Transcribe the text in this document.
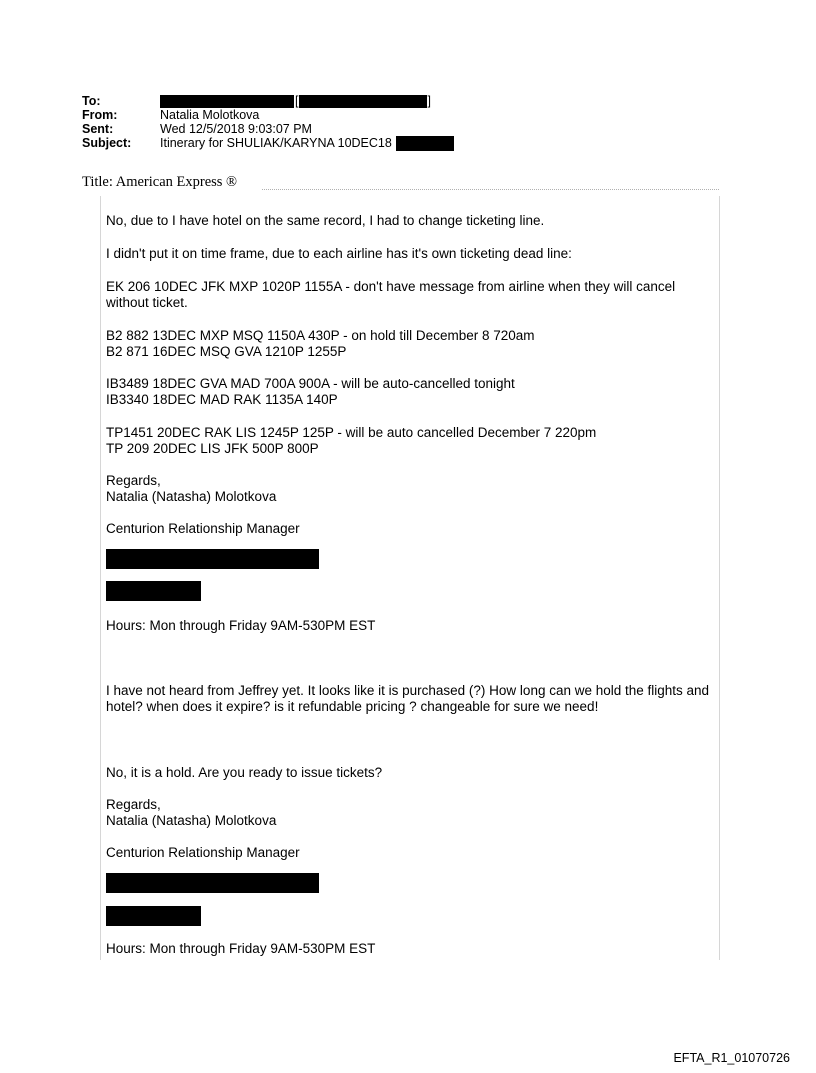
To:	[	]
From:	Natalia Molotkova
Sent:	Wed 12/5/2018 9:03:07 PM
Subject:	Itinerary for SHULIAK/KARYNA 10DEC18
Title: American Express ®
No, due to I have hotel on the same record, I had to change ticketing line.
I didn't put it on time frame, due to each airline has it's own ticketing dead line:
EK 206 10DEC JFK MXP 1020P 1155A - don't have message from airline when they will cancel without ticket.
B2 882 13DEC MXP MSQ 1150A 430P - on hold till December 8 720am
B2 871 16DEC MSQ GVA 1210P 1255P
IB3489 18DEC GVA MAD 700A 900A - will be auto-cancelled tonight
IB3340 18DEC MAD RAK 1135A 140P
TP1451 20DEC RAK LIS 1245P 125P - will be auto cancelled December 7 220pm
TP 209 20DEC LIS JFK 500P 800P
Regards,
Natalia (Natasha) Molotkova
Centurion Relationship Manager
Hours: Mon through Friday 9AM-530PM EST
I have not heard from Jeffrey yet. It looks like it is purchased (?) How long can we hold the flights and hotel? when does it expire? is it refundable pricing ? changeable for sure we need!
No, it is a hold. Are you ready to issue tickets?
Regards,
Natalia (Natasha) Molotkova
Centurion Relationship Manager
Hours: Mon through Friday 9AM-530PM EST
EFTA_R1_01070726
